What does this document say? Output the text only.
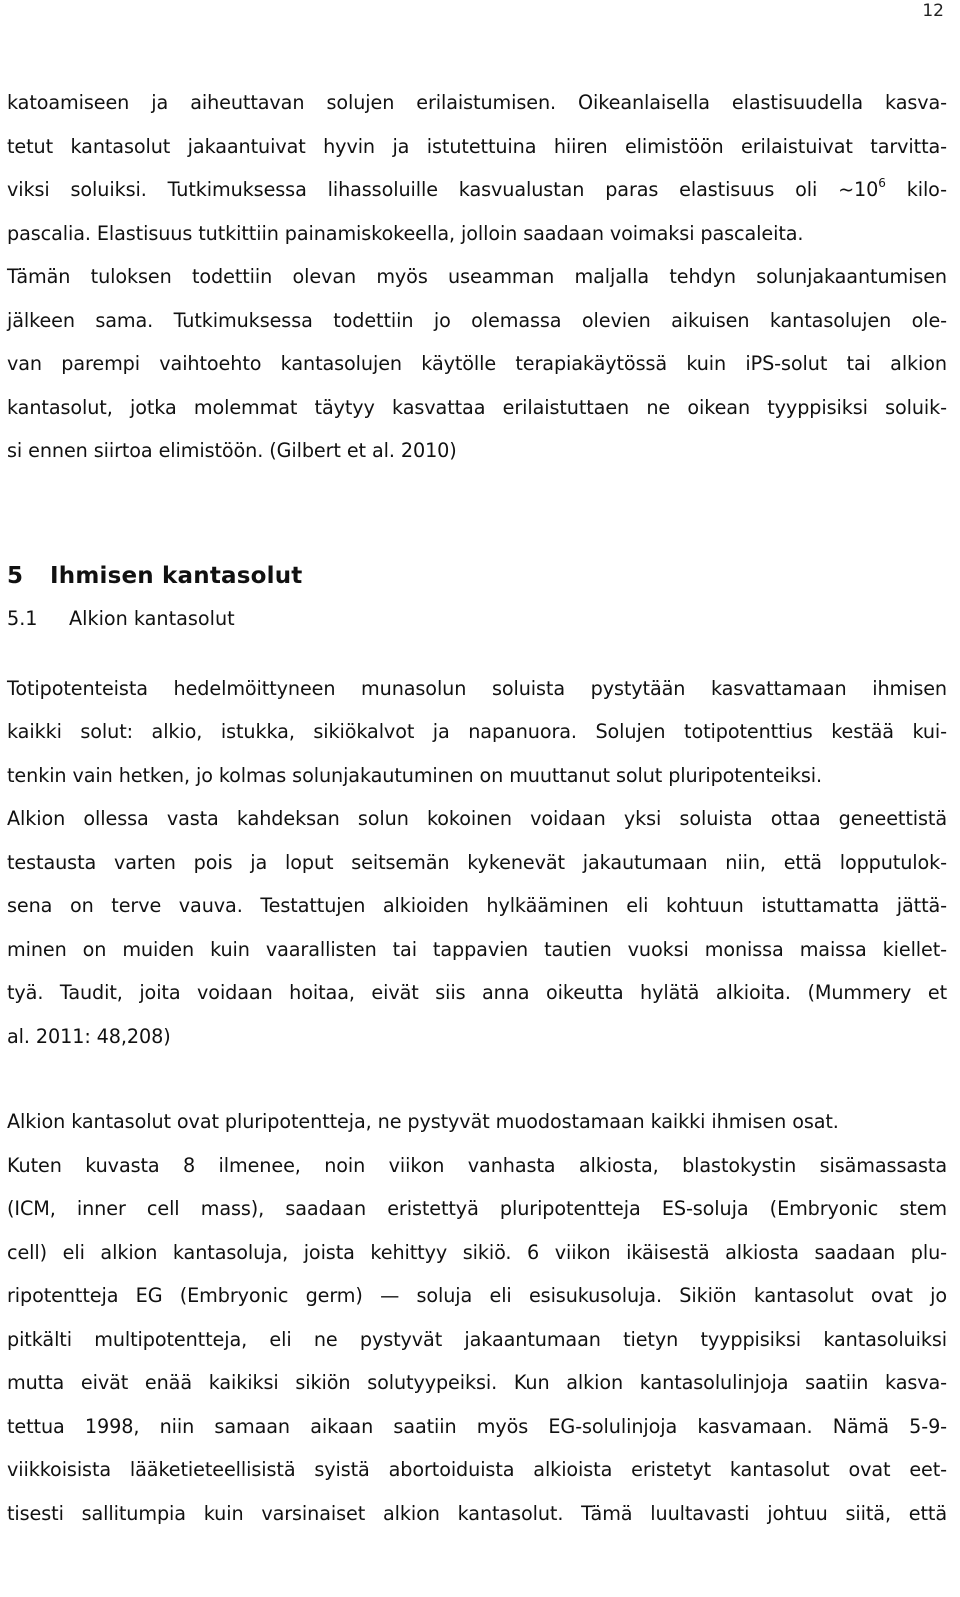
12

katoamiseen ja aiheuttavan solujen erilaistumisen. Oikeanlaisella elastisuudella kasva-
tetut kantasolut jakaantuivat hyvin ja istutettuina hiiren elimistöön erilaistuivat tarvitta-
viksi soluiksi. Tutkimuksessa lihassoluille kasvualustan paras elastisuus oli $\sim 10^6$ kilo-
pascalia. Elastisuus tutkittiin painamiskokeella, jolloin saadaan voimaksi pascaleita.
Tämän tuloksen todettiin olevan myös useamman maljalla tehdyn solunjakaantumisen
jälkeen sama. Tutkimuksessa todettiin jo olemassa olevien aikuisen kantasolujen ole-
van parempi vaihtoehto kantasolujen käytölle terapiakäytössä kuin iPS-solut tai alkion
kantasolut, jotka molemmat täytyy kasvattaa erilaistuttaen ne oikean tyyppisiksi soluik-
si ennen siirtoa elimistöön. (Gilbert et al. 2010)

5 Ihmisen kantasolut
5.1 Alkion kantasolut

Totipotenteista hedelmöittyneen munasolun soluista pystytään kasvattamaan ihmisen
kaikki solut: alkio, istukka, sikiökalvot ja napanuora. Solujen totipotenttius kestää kui-
tenkin vain hetken, jo kolmas solunjakautuminen on muuttanut solut pluripotenteiksi.
Alkion ollessa vasta kahdeksan solun kokoinen voidaan yksi soluista ottaa geneettistä
testausta varten pois ja loput seitsemän kykenevät jakautumaan niin, että lopputulok-
sena on terve vauva. Testattujen alkioiden hylkääminen eli kohtuun istuttamatta jättä-
minen on muiden kuin vaarallisten tai tappavien tautien vuoksi monissa maissa kiellet-
tyä. Taudit, joita voidaan hoitaa, eivät siis anna oikeutta hylätä alkioita. (Mummery et
al. 2011: 48,208)

Alkion kantasolut ovat pluripotentteja, ne pystyvät muodostamaan kaikki ihmisen osat.
Kuten kuvasta 8 ilmenee, noin viikon vanhasta alkiosta, blastokystin sisämassasta
(ICM, inner cell mass), saadaan eristettyä pluripotentteja ES-soluja (Embryonic stem
cell) eli alkion kantasoluja, joista kehittyy sikiö. 6 viikon ikäisestä alkiosta saadaan plu-
ripotentteja EG (Embryonic germ) — soluja eli esisukusoluja. Sikiön kantasolut ovat jo
pitkälti multipotentteja, eli ne pystyvät jakaantumaan tietyn tyyppisiksi kantasoluiksi
mutta eivät enää kaikiksi sikiön solutyypeiksi. Kun alkion kantasolulinjoja saatiin kasva-
tettua 1998, niin samaan aikaan saatiin myös EG-solulinjoja kasvamaan. Nämä 5-9-
viikkoisista lääketieteellisistä syistä abortoiduista alkioista eristetyt kantasolut ovat eet-
tisesti sallitumpia kuin varsinaiset alkion kantasolut. Tämä luultavasti johtuu siitä, että
